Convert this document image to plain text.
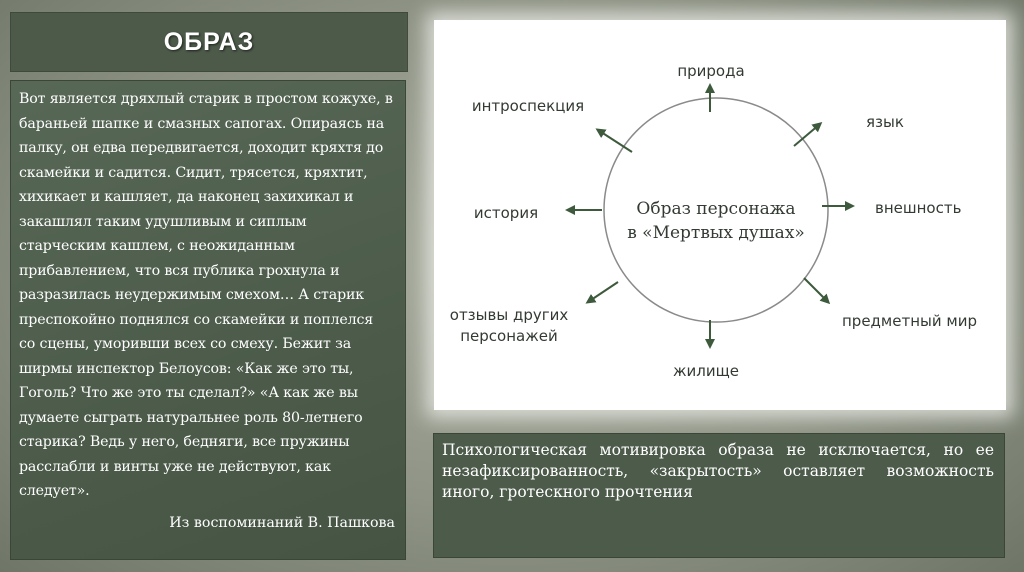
ОБРАЗ

Вот является дряхлый старик в простом кожухе, в бараньей шапке и смазных сапогах. Опираясь на палку, он едва передвигается, доходит кряхтя до скамейки и садится. Сидит, трясется, кряхтит, хихикает и кашляет, да наконец захихикал и закашлял таким удушливым и сиплым старческим кашлем, с неожиданным прибавлением, что вся публика грохнула и разразилась неудержимым смехом… А старик преспокойно поднялся со скамейки и поплелся со сцены, уморивши всех со смеху. Бежит за ширмы инспектор Белоусов: «Как же это ты, Гоголь? Что же это ты сделал?» «А как же вы думаете сыграть натуральнее роль 80-летнего старика? Ведь у него, бедняги, все пружины расслабли и винты уже не действуют, как следует».

Из воспоминаний В. Пашкова
Образ персонажа
в «Мертвых душах»
природа
язык
внешность
предметный мир
жилище
отзывы других
персонажей
история
интроспекция

Психологическая мотивировка образа не исключается, но ее незафиксированность, «закрытость» оставляет возможность иного, гротескного прочтения
